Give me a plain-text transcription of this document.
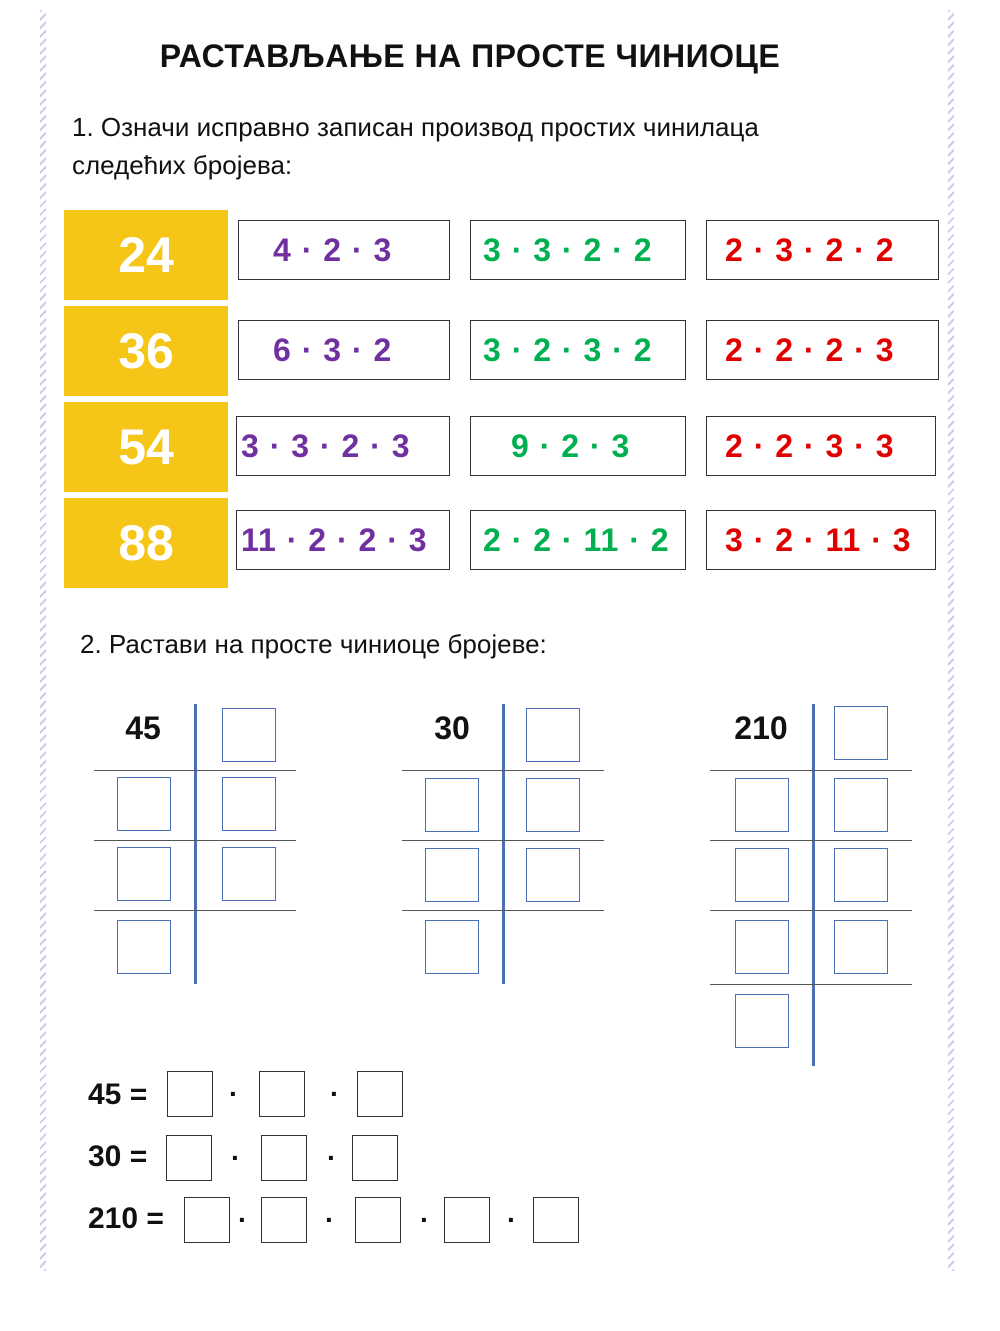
РАСТАВЉАЊЕ НА ПРОСТЕ ЧИНИОЦЕ
1. Означи исправно записан производ простих чинилаца
следећих бројева:
24	4 · 2 · 3	3 · 3 · 2 · 2	2 · 3 · 2 · 2
36	6 · 3 · 2	3 · 2 · 3 · 2	2 · 2 · 2 · 3
54	3 · 3 · 2 · 3	9 · 2 · 3	2 · 2 · 3 · 3
88	11 · 2 · 2 · 3	2 · 2 · 11 · 2	3 · 2 · 11 · 3
2. Растави на просте чиниоце бројеве:
45	30	210
45 =	·	·
30 =	·	·
210 =	·	·	·	·
